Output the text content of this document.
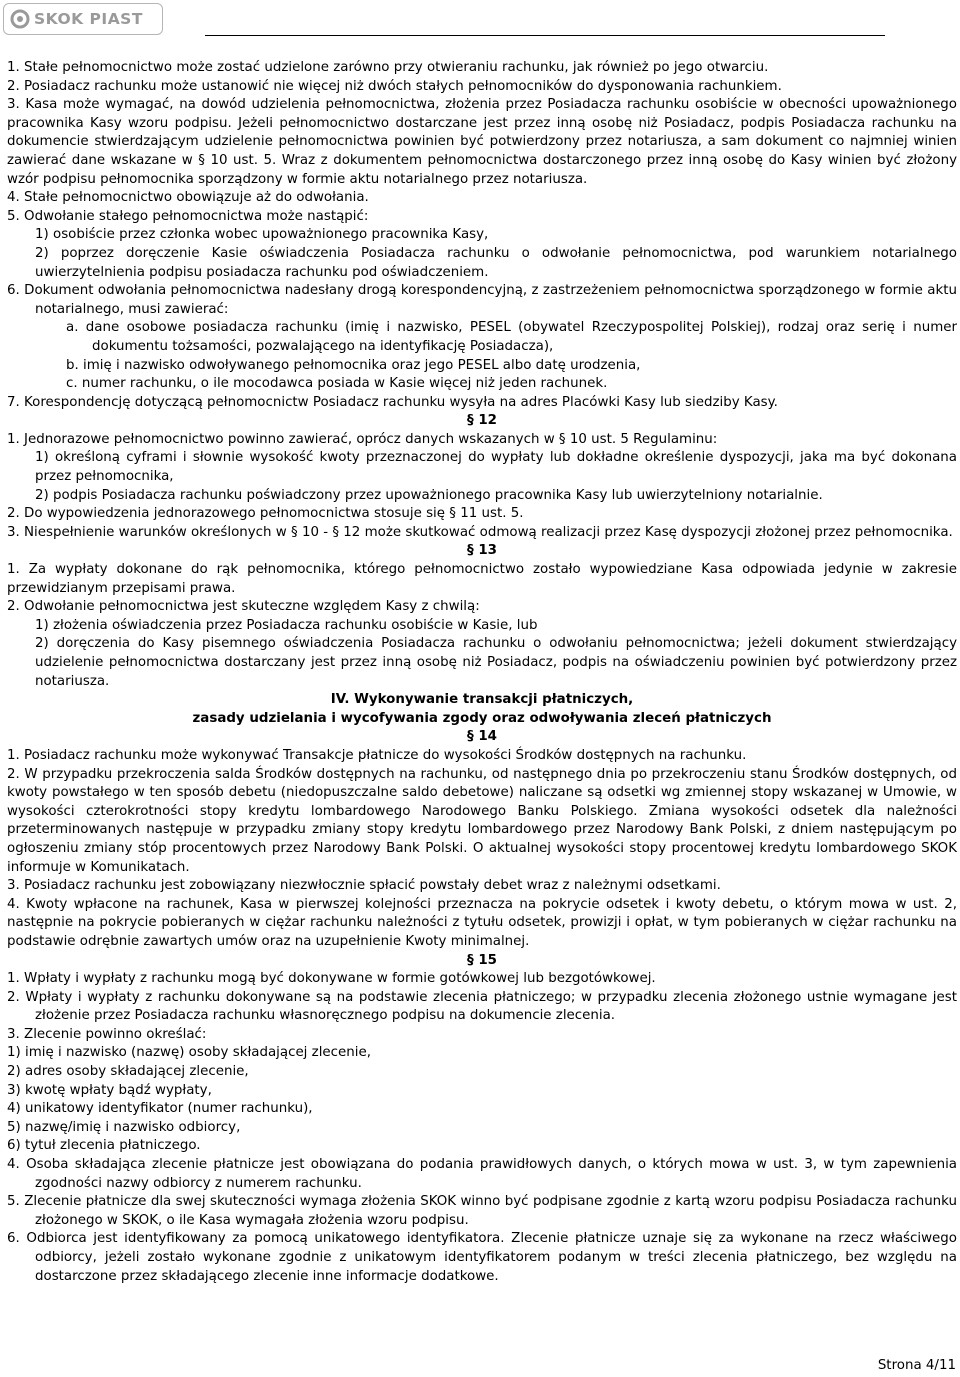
SKOK PIAST

1. Stałe pełnomocnictwo może zostać udzielone zarówno przy otwieraniu rachunku, jak również po jego otwarciu.

2. Posiadacz rachunku może ustanowić nie więcej niż dwóch stałych pełnomocników do dysponowania rachunkiem.

3. Kasa może wymagać, na dowód udzielenia pełnomocnictwa, złożenia przez Posiadacza rachunku osobiście w obecności upoważnionego pracownika Kasy wzoru podpisu. Jeżeli pełnomocnictwo dostarczane jest przez inną osobę niż Posiadacz, podpis Posiadacza rachunku na dokumencie stwierdzającym udzielenie pełnomocnictwa powinien być potwierdzony przez notariusza, a sam dokument co najmniej winien zawierać dane wskazane w § 10 ust. 5. Wraz z dokumentem pełnomocnictwa dostarczonego przez inną osobę do Kasy winien być złożony wzór podpisu pełnomocnika sporządzony w formie aktu notarialnego przez notariusza.

4. Stałe pełnomocnictwo obowiązuje aż do odwołania.

5. Odwołanie stałego pełnomocnictwa może nastąpić:

1) osobiście przez członka wobec upoważnionego pracownika Kasy,

2) poprzez doręczenie Kasie oświadczenia Posiadacza rachunku o odwołanie pełnomocnictwa, pod warunkiem notarialnego uwierzytelnienia podpisu posiadacza rachunku pod oświadczeniem.

6. Dokument odwołania pełnomocnictwa nadesłany drogą korespondencyjną, z zastrzeżeniem pełnomocnictwa sporządzonego w formie aktu notarialnego, musi zawierać:

a. dane osobowe posiadacza rachunku (imię i nazwisko, PESEL (obywatel Rzeczypospolitej Polskiej), rodzaj oraz serię i numer dokumentu tożsamości, pozwalającego na identyfikację Posiadacza),

b. imię i nazwisko odwoływanego pełnomocnika oraz jego PESEL albo datę urodzenia,

c. numer rachunku, o ile mocodawca posiada w Kasie więcej niż jeden rachunek.

7. Korespondencję dotyczącą pełnomocnictw Posiadacz rachunku wysyła na adres Placówki Kasy lub siedziby Kasy.

§ 12

1. Jednorazowe pełnomocnictwo powinno zawierać, oprócz danych wskazanych w § 10 ust. 5 Regulaminu:

1) określoną cyframi i słownie wysokość kwoty przeznaczonej do wypłaty lub dokładne określenie dyspozycji, jaka ma być dokonana przez pełnomocnika,

2) podpis Posiadacza rachunku poświadczony przez upoważnionego pracownika Kasy lub uwierzytelniony notarialnie.

2. Do wypowiedzenia jednorazowego pełnomocnictwa stosuje się § 11 ust. 5.

3. Niespełnienie warunków określonych w § 10 - § 12 może skutkować odmową realizacji przez Kasę dyspozycji złożonej przez pełnomocnika.

§ 13

1. Za wypłaty dokonane do rąk pełnomocnika, którego pełnomocnictwo zostało wypowiedziane Kasa odpowiada jedynie w zakresie przewidzianym przepisami prawa.

2. Odwołanie pełnomocnictwa jest skuteczne względem Kasy z chwilą:

1) złożenia oświadczenia przez Posiadacza rachunku osobiście w Kasie, lub

2) doręczenia do Kasy pisemnego oświadczenia Posiadacza rachunku o odwołaniu pełnomocnictwa; jeżeli dokument stwierdzający udzielenie pełnomocnictwa dostarczany jest przez inną osobę niż Posiadacz, podpis na oświadczeniu powinien być potwierdzony przez notariusza.

IV. Wykonywanie transakcji płatniczych,

zasady udzielania i wycofywania zgody oraz odwoływania zleceń płatniczych

§ 14

1. Posiadacz rachunku może wykonywać Transakcje płatnicze do wysokości Środków dostępnych na rachunku.

2. W przypadku przekroczenia salda Środków dostępnych na rachunku, od następnego dnia po przekroczeniu stanu Środków dostępnych, od kwoty powstałego w ten sposób debetu (niedopuszczalne saldo debetowe) naliczane są odsetki wg zmiennej stopy wskazanej w Umowie, w wysokości czterokrotności stopy kredytu lombardowego Narodowego Banku Polskiego. Zmiana wysokości odsetek dla należności przeterminowanych następuje w przypadku zmiany stopy kredytu lombardowego przez Narodowy Bank Polski, z dniem następującym po ogłoszeniu zmiany stóp procentowych przez Narodowy Bank Polski. O aktualnej wysokości stopy procentowej kredytu lombardowego SKOK informuje w Komunikatach.

3. Posiadacz rachunku jest zobowiązany niezwłocznie spłacić powstały debet wraz z należnymi odsetkami.

4. Kwoty wpłacone na rachunek, Kasa w pierwszej kolejności przeznacza na pokrycie odsetek i kwoty debetu, o którym mowa w ust. 2, następnie na pokrycie pobieranych w ciężar rachunku należności z tytułu odsetek, prowizji i opłat, w tym pobieranych w ciężar rachunku na podstawie odrębnie zawartych umów oraz na uzupełnienie Kwoty minimalnej.

§ 15

1. Wpłaty i wypłaty z rachunku mogą być dokonywane w formie gotówkowej lub bezgotówkowej.

2. Wpłaty i wypłaty z rachunku dokonywane są na podstawie zlecenia płatniczego; w przypadku zlecenia złożonego ustnie wymagane jest złożenie przez Posiadacza rachunku własnoręcznego podpisu na dokumencie zlecenia.

3. Zlecenie powinno określać:

1) imię i nazwisko (nazwę) osoby składającej zlecenie,

2) adres osoby składającej zlecenie,

3) kwotę wpłaty bądź wypłaty,

4) unikatowy identyfikator (numer rachunku),

5) nazwę/imię i nazwisko odbiorcy,

6) tytuł zlecenia płatniczego.

4. Osoba składająca zlecenie płatnicze jest obowiązana do podania prawidłowych danych, o których mowa w ust. 3, w tym zapewnienia zgodności nazwy odbiorcy z numerem rachunku.

5. Zlecenie płatnicze dla swej skuteczności wymaga złożenia SKOK winno być podpisane zgodnie z kartą wzoru podpisu Posiadacza rachunku złożonego w SKOK, o ile Kasa wymagała złożenia wzoru podpisu.

6. Odbiorca jest identyfikowany za pomocą unikatowego identyfikatora. Zlecenie płatnicze uznaje się za wykonane na rzecz właściwego odbiorcy, jeżeli zostało wykonane zgodnie z unikatowym identyfikatorem podanym w treści zlecenia płatniczego, bez względu na dostarczone przez składającego zlecenie inne informacje dodatkowe.

Strona 4/11
